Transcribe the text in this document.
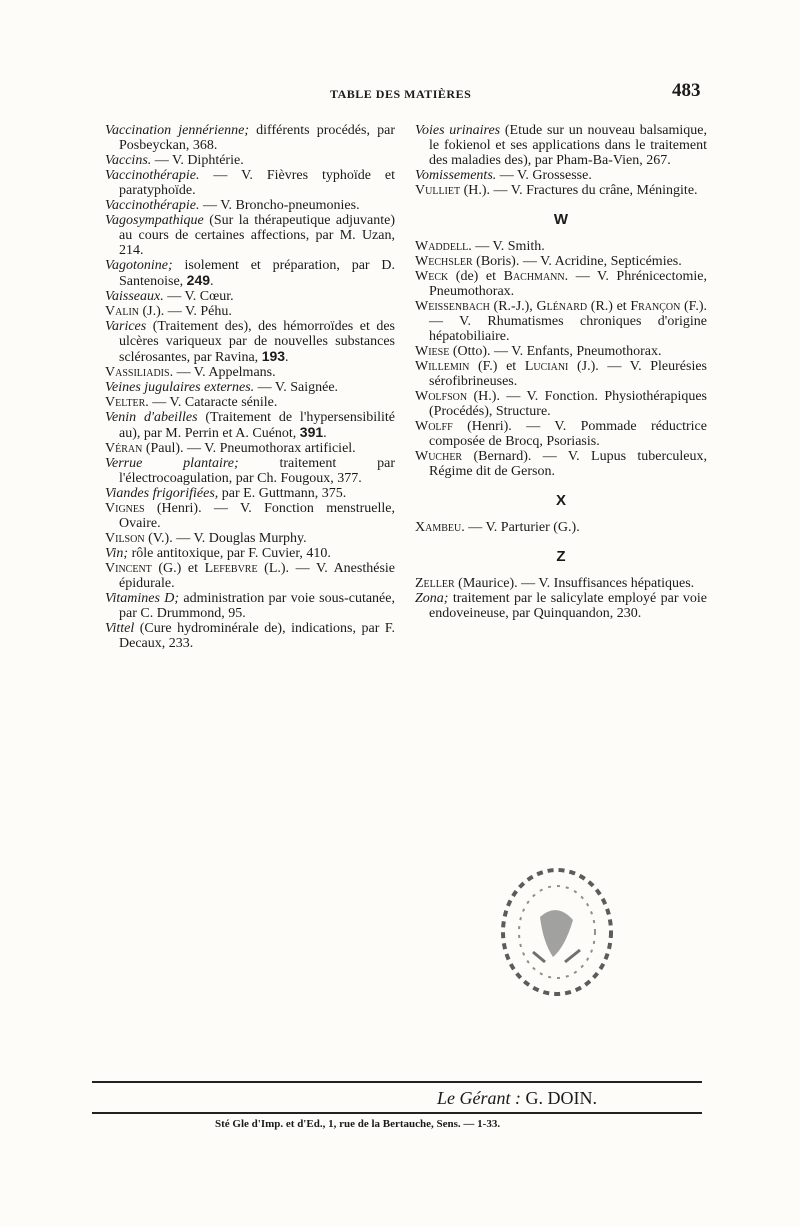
TABLE DES MATIÈRES	483

Vaccination jennérienne; différents procédés, par Posbeyckan, 368.

Vaccins. — V. Diphtérie.

Vaccinothérapie. — V. Fièvres typhoïde et paratyphoïde.

Vaccinothérapie. — V. Broncho-pneumonies.

Vagosympathique (Sur la thérapeutique adjuvante) au cours de certaines affections, par M. Uzan, 214.

Vagotonine; isolement et préparation, par D. Santenoise, 249.

Vaisseaux. — V. Cœur.

Valin (J.). — V. Péhu.

Varices (Traitement des), des hémorroïdes et des ulcères variqueux par de nouvelles substances sclérosantes, par Ravina, 193.

Vassiliadis. — V. Appelmans.

Veines jugulaires externes. — V. Saignée.

Velter. — V. Cataracte sénile.

Venin d'abeilles (Traitement de l'hypersensibilité au), par M. Perrin et A. Cuénot, 391.

Véran (Paul). — V. Pneumothorax artificiel.

Verrue plantaire; traitement par l'électrocoagulation, par Ch. Fougoux, 377.

Viandes frigorifiées, par E. Guttmann, 375.

Vignes (Henri). — V. Fonction menstruelle, Ovaire.

Vilson (V.). — V. Douglas Murphy.

Vin; rôle antitoxique, par F. Cuvier, 410.

Vincent (G.) et Lefebvre (L.). — V. Anesthésie épidurale.

Vitamines D; administration par voie sous-cutanée, par C. Drummond, 95.

Vittel (Cure hydrominérale de), indications, par F. Decaux, 233.

Voies urinaires (Etude sur un nouveau balsamique, le fokienol et ses applications dans le traitement des maladies des), par Pham-Ba-Vien, 267.

Vomissements. — V. Grossesse.

Vulliet (H.). — V. Fractures du crâne, Méningite.

W

Waddell. — V. Smith.

Wechsler (Boris). — V. Acridine, Septicémies.

Weck (de) et Bachmann. — V. Phrénicectomie, Pneumothorax.

Weissenbach (R.-J.), Glénard (R.) et Françon (F.). — V. Rhumatismes chroniques d'origine hépatobiliaire.

Wiese (Otto). — V. Enfants, Pneumothorax.

Willemin (F.) et Luciani (J.). — V. Pleurésies sérofibrineuses.

Wolfson (H.). — V. Fonction. Physiothérapiques (Procédés), Structure.

Wolff (Henri). — V. Pommade réductrice composée de Brocq, Psoriasis.

Wucher (Bernard). — V. Lupus tuberculeux, Régime dit de Gerson.

X

Xambeu. — V. Parturier (G.).

Z

Zeller (Maurice). — V. Insuffisances hépatiques.

Zona; traitement par le salicylate employé par voie endoveineuse, par Quinquandon, 230.

Le Gérant : G. DOIN.
Sté Gle d'Imp. et d'Ed., 1, rue de la Bertauche, Sens. — 1-33.
